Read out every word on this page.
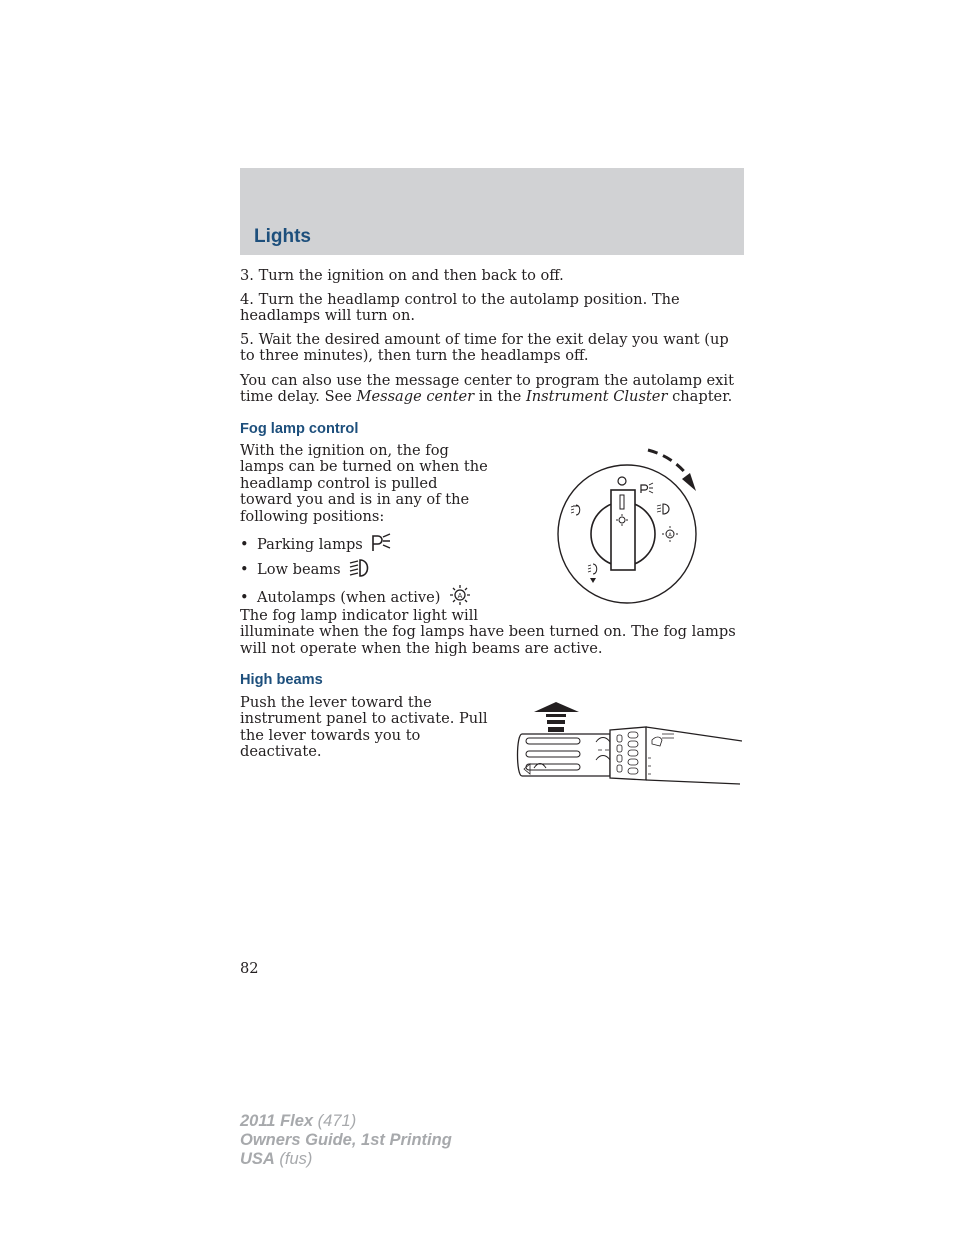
Lights

3. Turn the ignition on and then back to off.

4. Turn the headlamp control to the autolamp position. The headlamps will turn on.

5. Wait the desired amount of time for the exit delay you want (up to three minutes), then turn the headlamps off.

You can also use the message center to program the autolamp exit time delay. See Message center in the Instrument Cluster chapter.

Fog lamp control

With the ignition on, the fog lamps can be turned on when the headlamp control is pulled toward you and is in any of the following positions:

• Parking lamps
• Low beams
• Autolamps (when active) A

The fog lamp indicator light will
illuminate when the fog lamps have been turned on. The fog lamps will not operate when the high beams are active.

A
High beams

Push the lever toward the instrument panel to activate. Pull the lever towards you to deactivate.

82
2011 Flex (471)
Owners Guide, 1st Printing
USA (fus)
